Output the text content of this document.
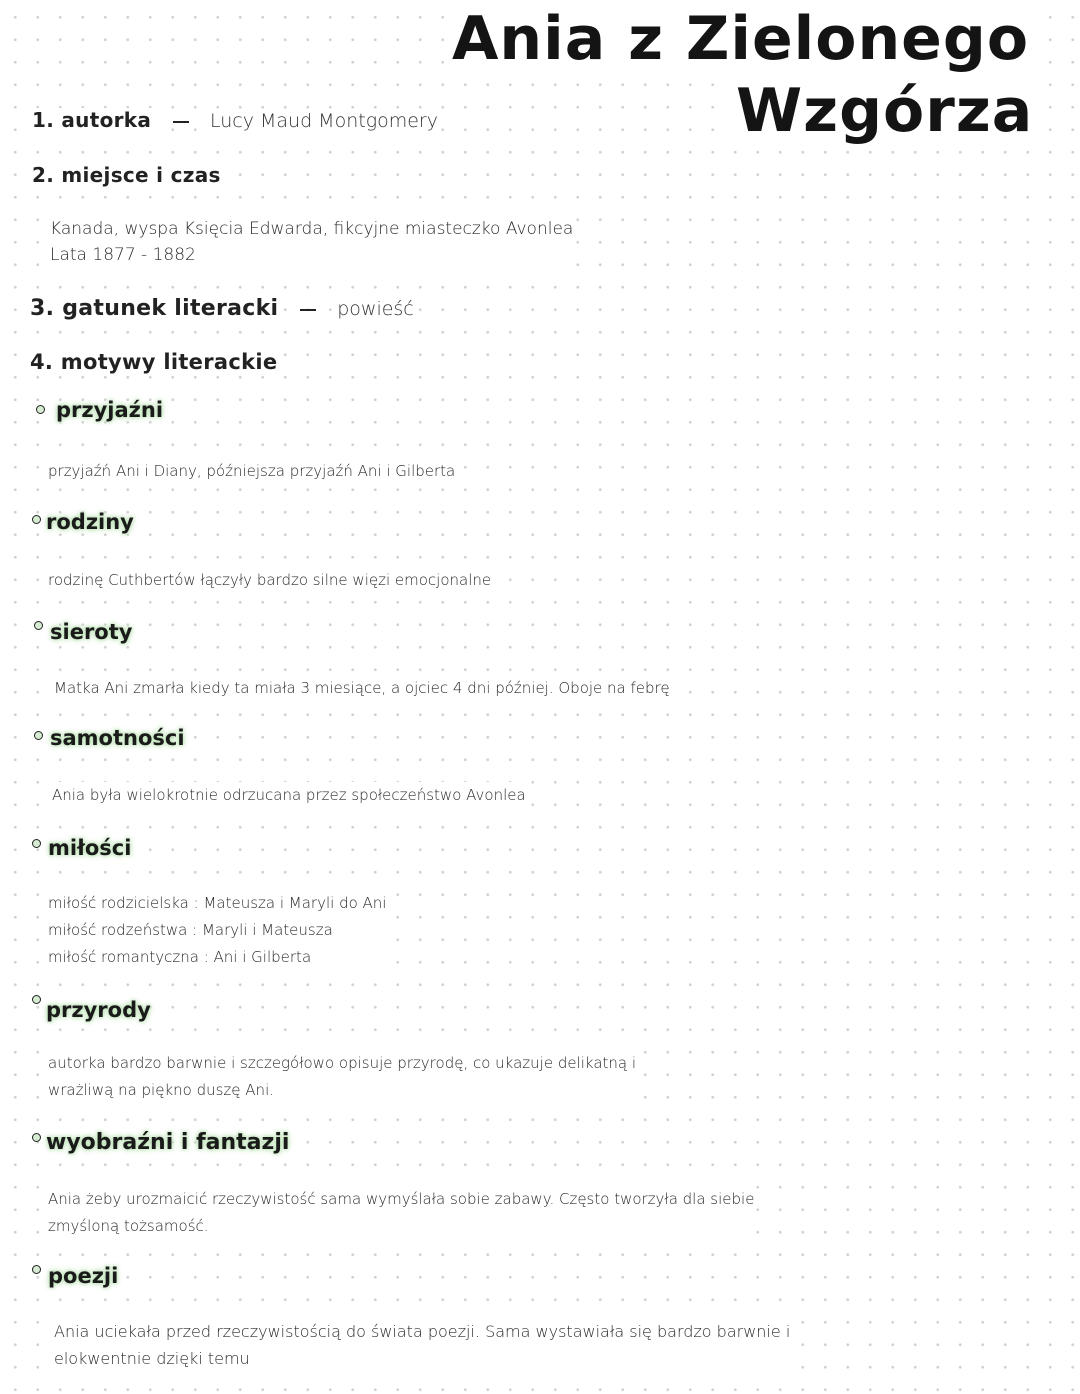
Ania z Zielonego
Wzgórza
1. autorka	Lucy Maud Montgomery
2. miejsce i czas
Kanada, wyspa Księcia Edwarda, fikcyjne miasteczko Avonlea
Lata 1877 - 1882
3. gatunek literacki	powieść
4. motywy literackie
przyjaźni
przyjaźń Ani i Diany, późniejsza przyjaźń Ani i Gilberta
rodziny
rodzinę Cuthbertów łączyły bardzo silne więzi emocjonalne
sieroty
Matka Ani zmarła kiedy ta miała 3 miesiące, a ojciec 4 dni później. Oboje na febrę
samotności
Ania była wielokrotnie odrzucana przez społeczeństwo Avonlea
miłości
miłość rodzicielska : Mateusza i Maryli do Ani
miłość rodzeństwa : Maryli i Mateusza
miłość romantyczna : Ani i Gilberta
przyrody
autorka bardzo barwnie i szczegółowo opisuje przyrodę, co ukazuje delikatną i
wrażliwą na piękno duszę Ani.
wyobraźni i fantazji
Ania żeby urozmaicić rzeczywistość sama wymyślała sobie zabawy. Często tworzyła dla siebie
zmyśloną tożsamość.
poezji
Ania uciekała przed rzeczywistością do świata poezji. Sama wystawiała się bardzo barwnie i
elokwentnie dzięki temu
